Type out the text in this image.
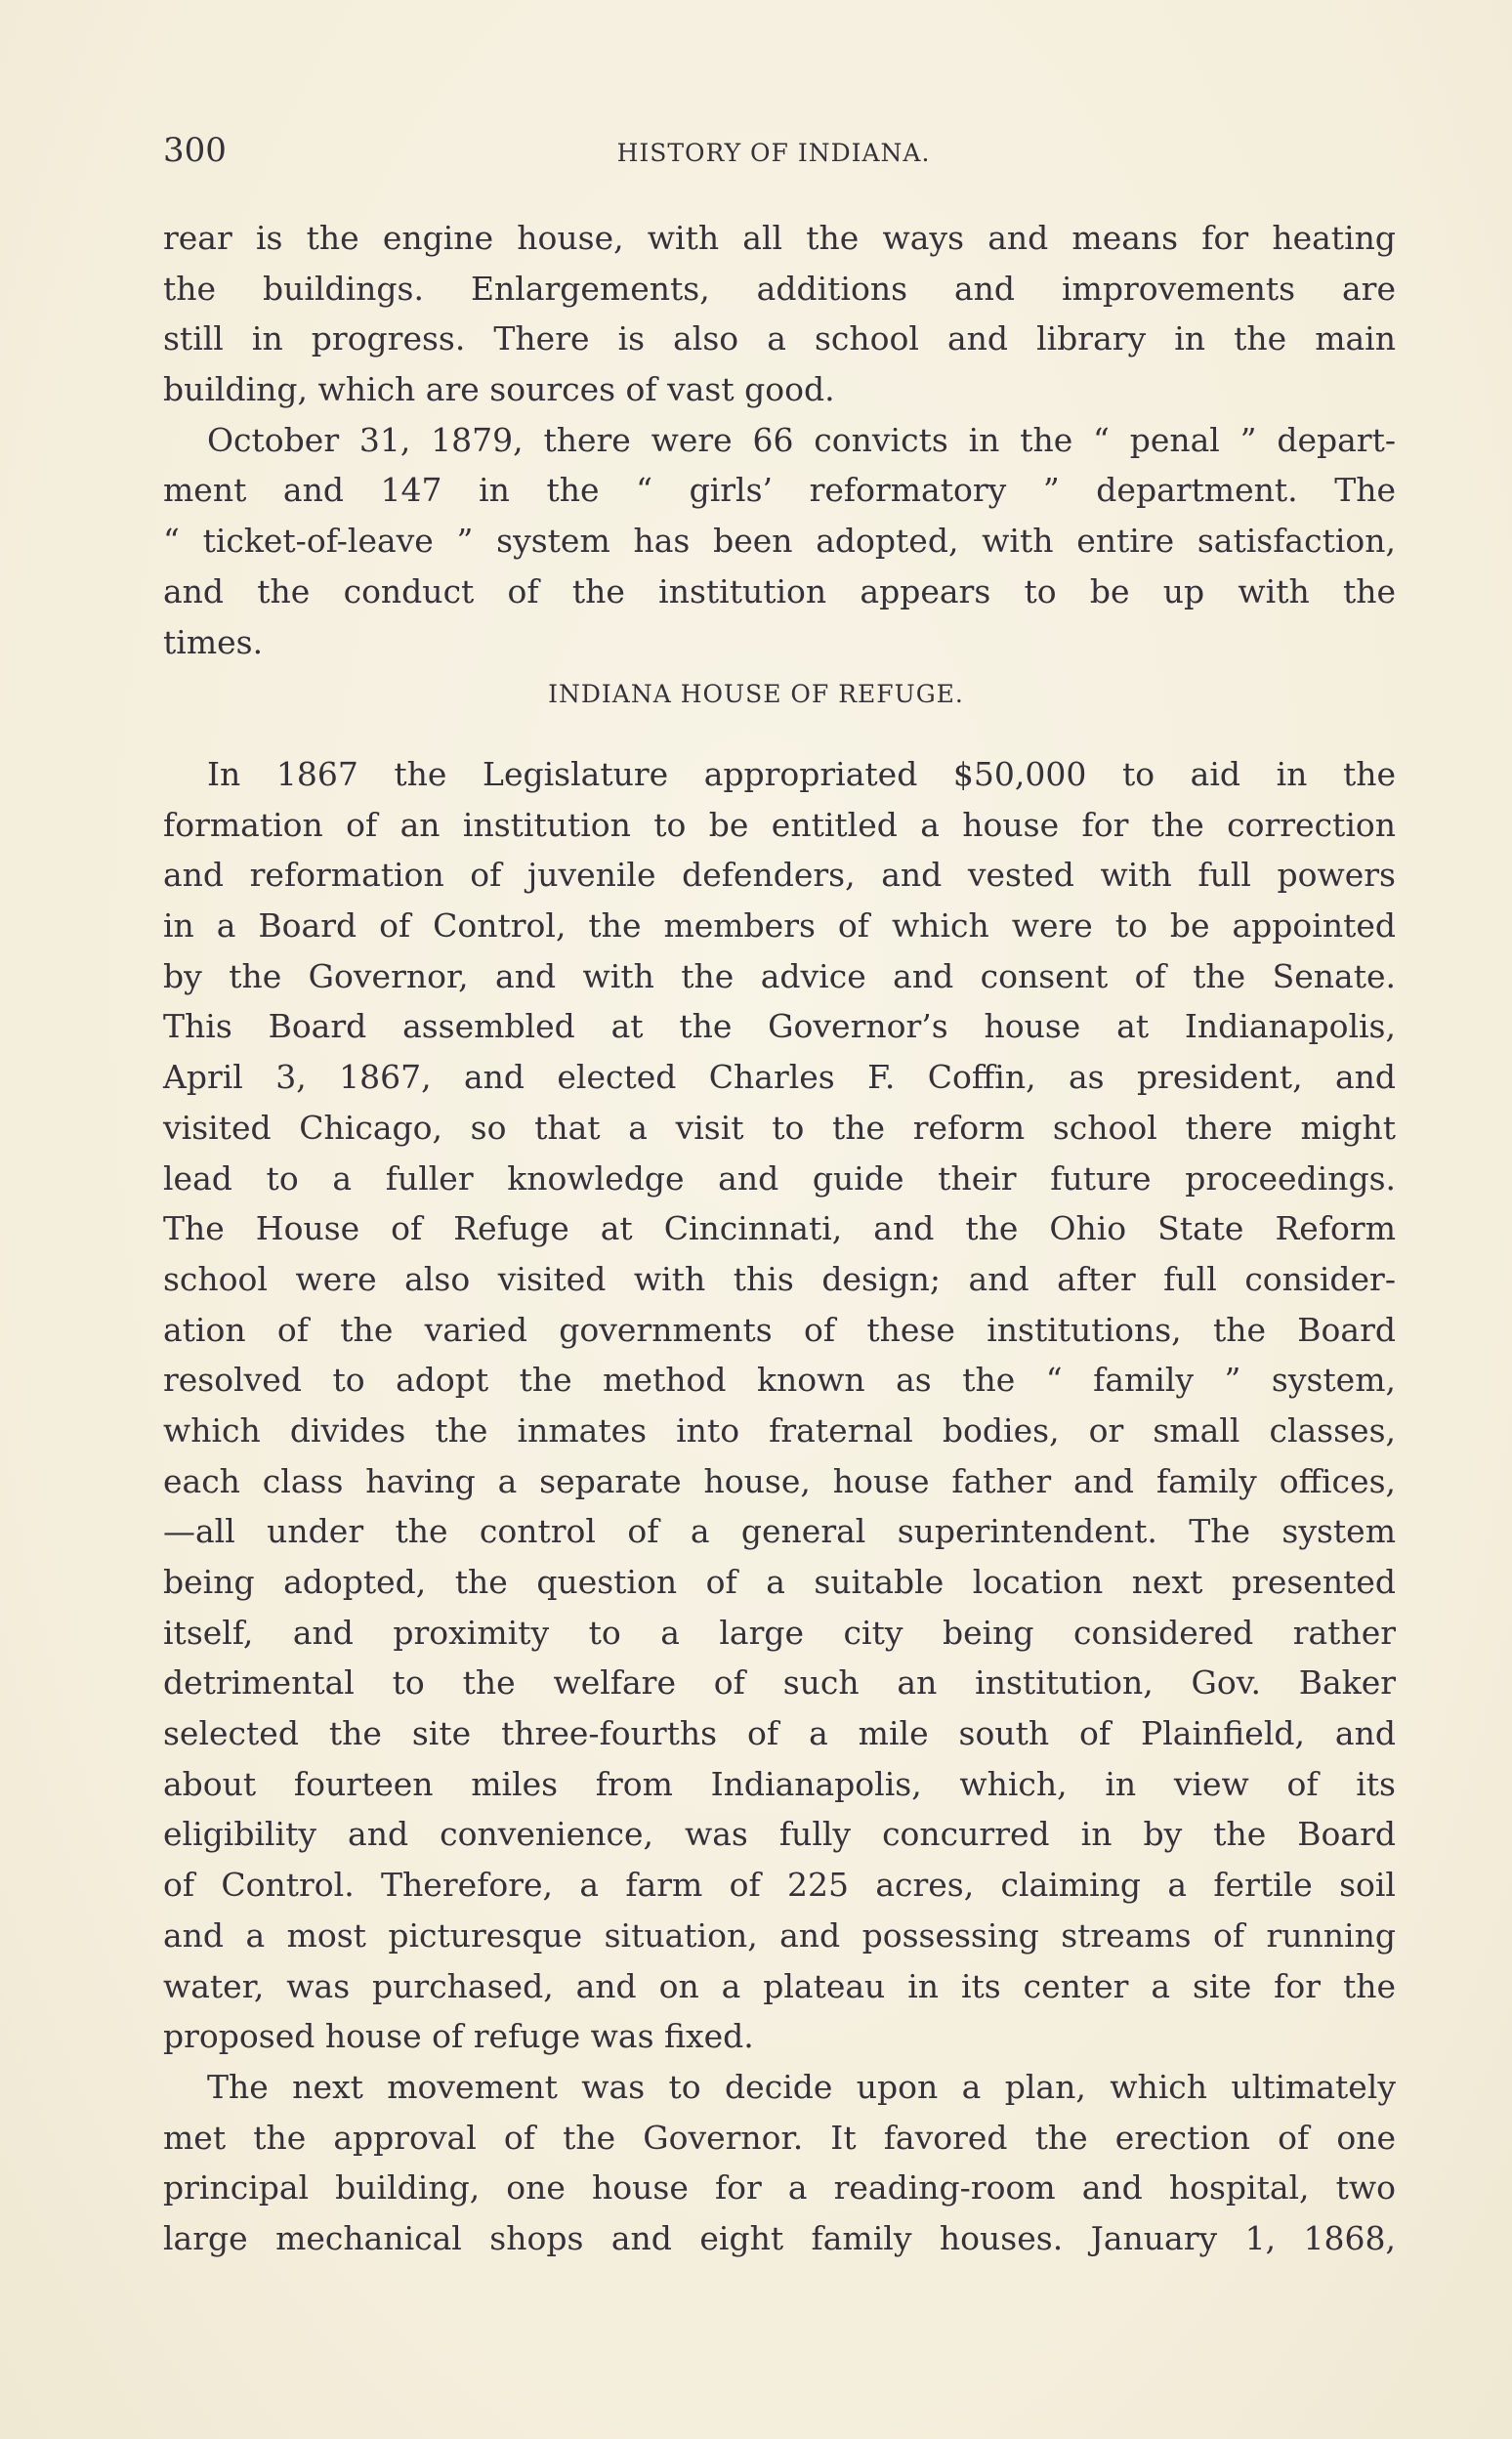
300	HISTORY OF INDIANA.
rear is the engine house, with all the ways and means for heating
the buildings. Enlargements, additions and improvements are
still in progress. There is also a school and library in the main
building, which are sources of vast good.
October 31, 1879, there were 66 convicts in the “ penal ” depart-
ment and 147 in the “ girls’ reformatory ” department. The
“ ticket-of-leave ” system has been adopted, with entire satisfaction,
and the conduct of the institution appears to be up with the
times.
INDIANA HOUSE OF REFUGE.
In 1867 the Legislature appropriated $50,000 to aid in the
formation of an institution to be entitled a house for the correction
and reformation of juvenile defenders, and vested with full powers
in a Board of Control, the members of which were to be appointed
by the Governor, and with the advice and consent of the Senate.
This Board assembled at the Governor’s house at Indianapolis,
April 3, 1867, and elected Charles F. Coffin, as president, and
visited Chicago, so that a visit to the reform school there might
lead to a fuller knowledge and guide their future proceedings.
The House of Refuge at Cincinnati, and the Ohio State Reform
school were also visited with this design; and after full consider-
ation of the varied governments of these institutions, the Board
resolved to adopt the method known as the “ family ” system,
which divides the inmates into fraternal bodies, or small classes,
each class having a separate house, house father and family offices,
—all under the control of a general superintendent. The system
being adopted, the question of a suitable location next presented
itself, and proximity to a large city being considered rather
detrimental to the welfare of such an institution, Gov. Baker
selected the site three-fourths of a mile south of Plainfield, and
about fourteen miles from Indianapolis, which, in view of its
eligibility and convenience, was fully concurred in by the Board
of Control. Therefore, a farm of 225 acres, claiming a fertile soil
and a most picturesque situation, and possessing streams of running
water, was purchased, and on a plateau in its center a site for the
proposed house of refuge was fixed.
The next movement was to decide upon a plan, which ultimately
met the approval of the Governor. It favored the erection of one
principal building, one house for a reading-room and hospital, two
large mechanical shops and eight family houses. January 1, 1868,
